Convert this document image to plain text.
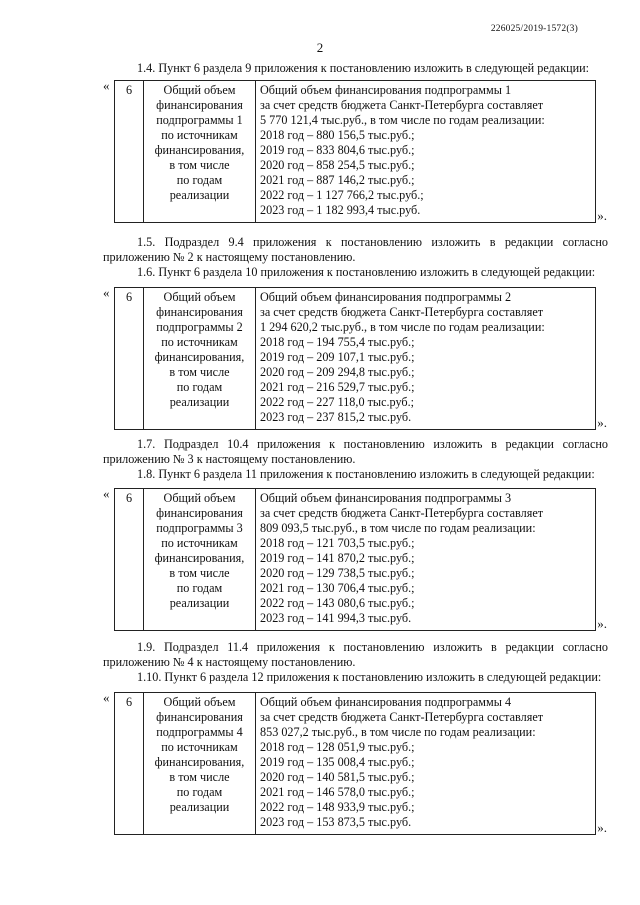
226025/2019-1572(3)
2

1.4. Пункт 6 раздела 9 приложения к постановлению изложить в следующей редакции:

« 6	Общий объем
финансирования
подпрограммы 1
по источникам
финансирования,
в том числе
по годам
реализации

Общий объем финансирования подпрограммы 1
за счет средств бюджета Санкт-Петербурга составляет
5 770 121,4 тыс.руб., в том числе по годам реализации:
2018 год – 880 156,5 тыс.руб.;
2019 год – 833 804,6 тыс.руб.;
2020 год – 858 254,5 тыс.руб.;
2021 год – 887 146,2 тыс.руб.;
2022 год – 1 127 766,2 тыс.руб.;
2023 год – 1 182 993,4 тыс.руб.	».

1.5. Подраздел 9.4 приложения к постановлению изложить в редакции согласно приложению № 2 к настоящему постановлению.

1.6. Пункт 6 раздела 10 приложения к постановлению изложить в следующей редакции:

« 6	Общий объем
финансирования
подпрограммы 2
по источникам
финансирования,
в том числе
по годам
реализации

Общий объем финансирования подпрограммы 2
за счет средств бюджета Санкт-Петербурга составляет
1 294 620,2 тыс.руб., в том числе по годам реализации:
2018 год – 194 755,4 тыс.руб.;
2019 год – 209 107,1 тыс.руб.;
2020 год – 209 294,8 тыс.руб.;
2021 год – 216 529,7 тыс.руб.;
2022 год – 227 118,0 тыс.руб.;
2023 год – 237 815,2 тыс.руб.	».

1.7. Подраздел 10.4 приложения к постановлению изложить в редакции согласно приложению № 3 к настоящему постановлению.

1.8. Пункт 6 раздела 11 приложения к постановлению изложить в следующей редакции:

« 6	Общий объем
финансирования
подпрограммы 3
по источникам
финансирования,
в том числе
по годам
реализации

Общий объем финансирования подпрограммы 3
за счет средств бюджета Санкт-Петербурга составляет
809 093,5 тыс.руб., в том числе по годам реализации:
2018 год – 121 703,5 тыс.руб.;
2019 год – 141 870,2 тыс.руб.;
2020 год – 129 738,5 тыс.руб.;
2021 год – 130 706,4 тыс.руб.;
2022 год – 143 080,6 тыс.руб.;
2023 год – 141 994,3 тыс.руб.	».

1.9. Подраздел 11.4 приложения к постановлению изложить в редакции согласно приложению № 4 к настоящему постановлению.

1.10. Пункт 6 раздела 12 приложения к постановлению изложить в следующей редакции:

« 6	Общий объем
финансирования
подпрограммы 4
по источникам
финансирования,
в том числе
по годам
реализации

Общий объем финансирования подпрограммы 4
за счет средств бюджета Санкт-Петербурга составляет
853 027,2 тыс.руб., в том числе по годам реализации:
2018 год – 128 051,9 тыс.руб.;
2019 год – 135 008,4 тыс.руб.;
2020 год – 140 581,5 тыс.руб.;
2021 год – 146 578,0 тыс.руб.;
2022 год – 148 933,9 тыс.руб.;
2023 год – 153 873,5 тыс.руб.	».
